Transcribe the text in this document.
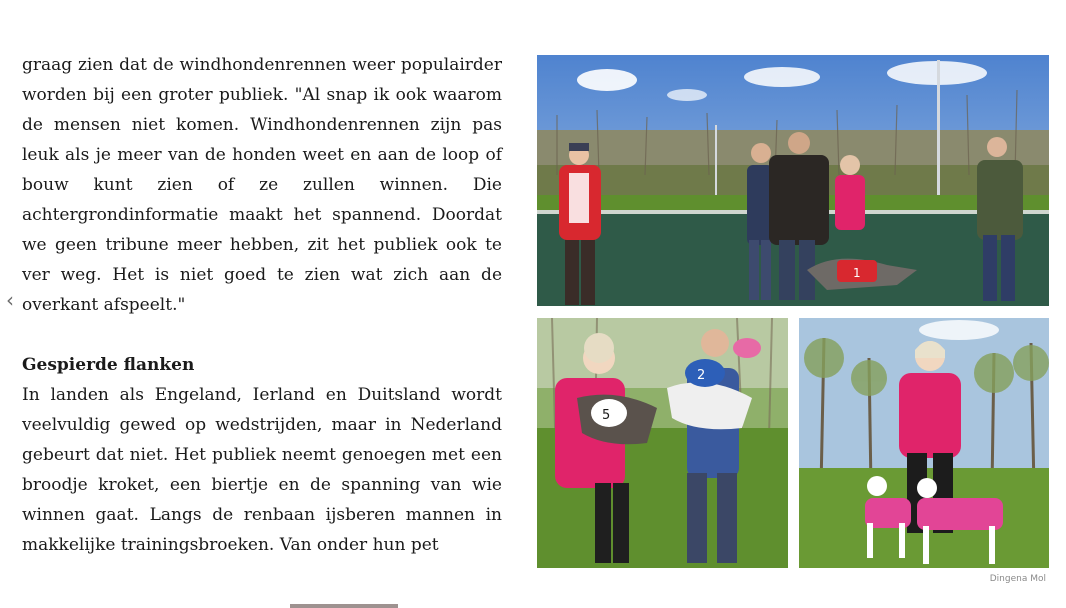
graag zien dat de windhondenrennen weer populairder worden bij een groter publiek. "Al snap ik ook waarom de mensen niet komen. Windhondenrennen zijn pas leuk als je meer van de honden weet en aan de loop of bouw kunt zien of ze zullen winnen. Die achtergrondinformatie maakt het spannend. Doordat we geen tribune meer hebben, zit het publiek ook te ver weg. Het is niet goed te zien wat zich aan de overkant afspeelt."

Gespierde flanken

In landen als Engeland, Ierland en Duitsland wordt veelvuldig gewed op wedstrijden, maar in Nederland gebeurt dat niet. Het publiek neemt genoegen met een broodje kroket, een biertje en de spanning van wie winnen gaat. Langs de renbaan ijsberen mannen in makkelijke trainingsbroeken. Van onder hun pet

‹
1
5
2
Dingena Mol
